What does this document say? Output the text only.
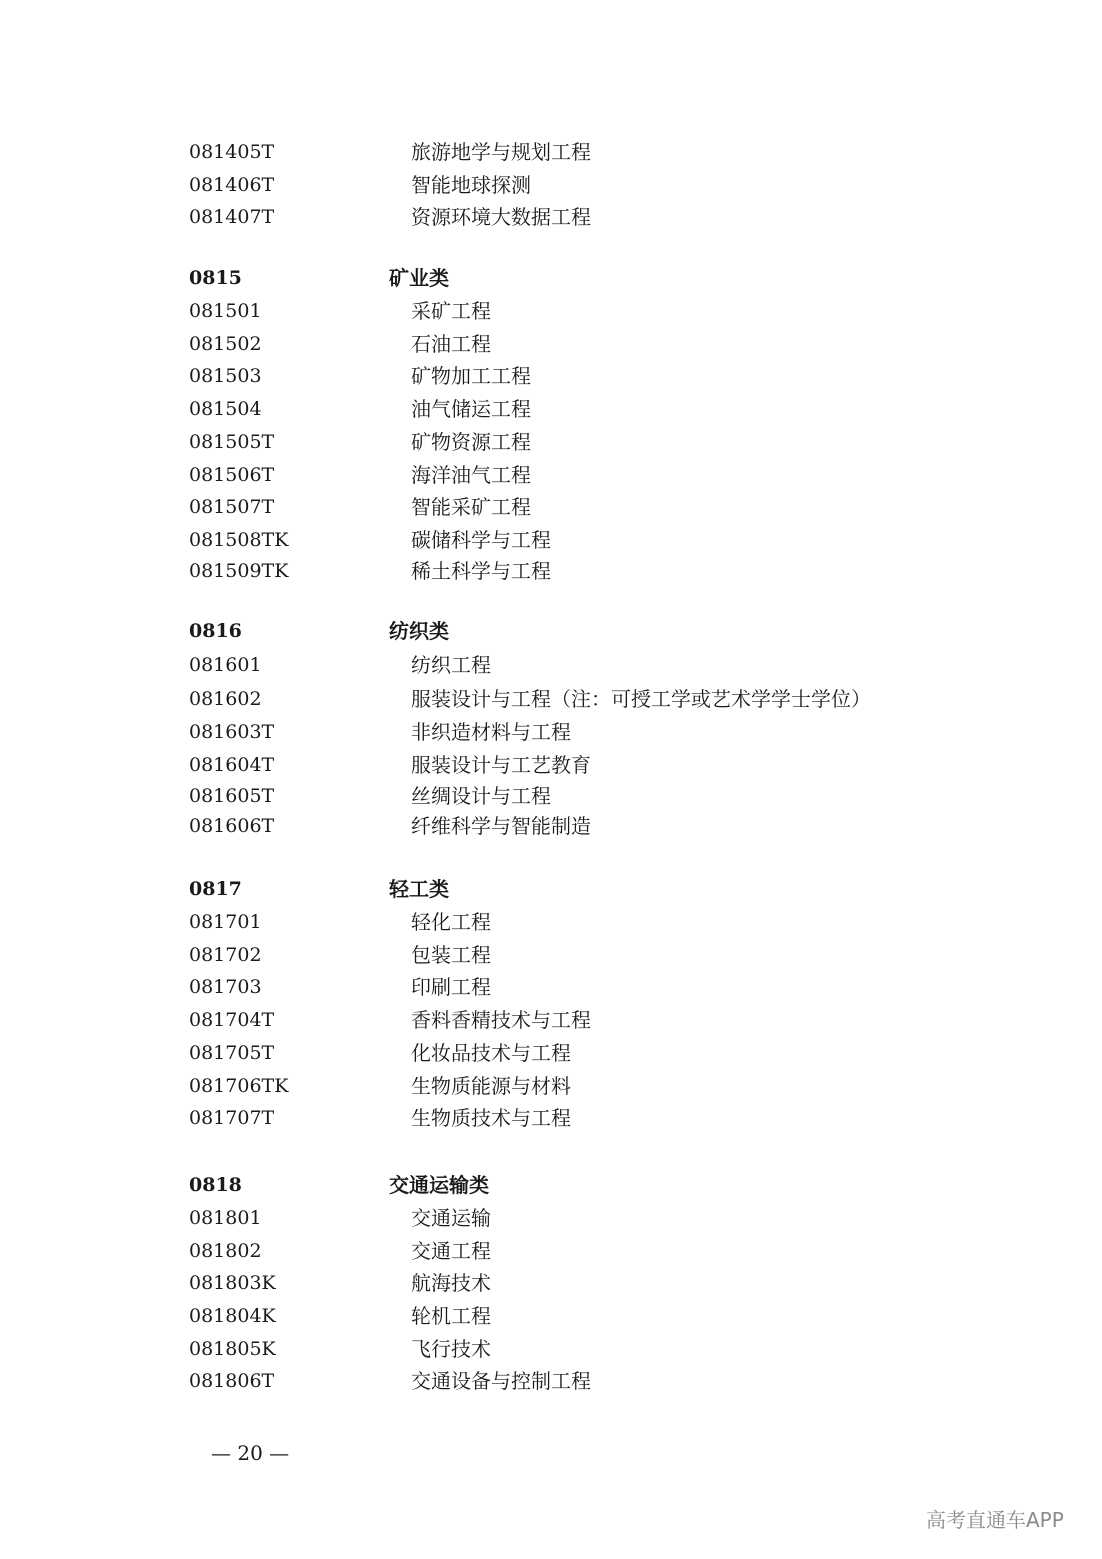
081405T	旅游地学与规划工程
081406T	智能地球探测
081407T	资源环境大数据工程
0815	矿业类
081501	采矿工程
081502	石油工程
081503	矿物加工工程
081504	油气储运工程
081505T	矿物资源工程
081506T	海洋油气工程
081507T	智能采矿工程
081508TK	碳储科学与工程
081509TK	稀土科学与工程
0816	纺织类
081601	纺织工程
081602	服装设计与工程（注：可授工学或艺术学学士学位）
081603T	非织造材料与工程
081604T	服装设计与工艺教育
081605T	丝绸设计与工程
081606T	纤维科学与智能制造
0817	轻工类
081701	轻化工程
081702	包装工程
081703	印刷工程
081704T	香料香精技术与工程
081705T	化妆品技术与工程
081706TK	生物质能源与材料
081707T	生物质技术与工程
0818	交通运输类
081801	交通运输
081802	交通工程
081803K	航海技术
081804K	轮机工程
081805K	飞行技术
081806T	交通设备与控制工程
— 20 —
高考直通车APP
